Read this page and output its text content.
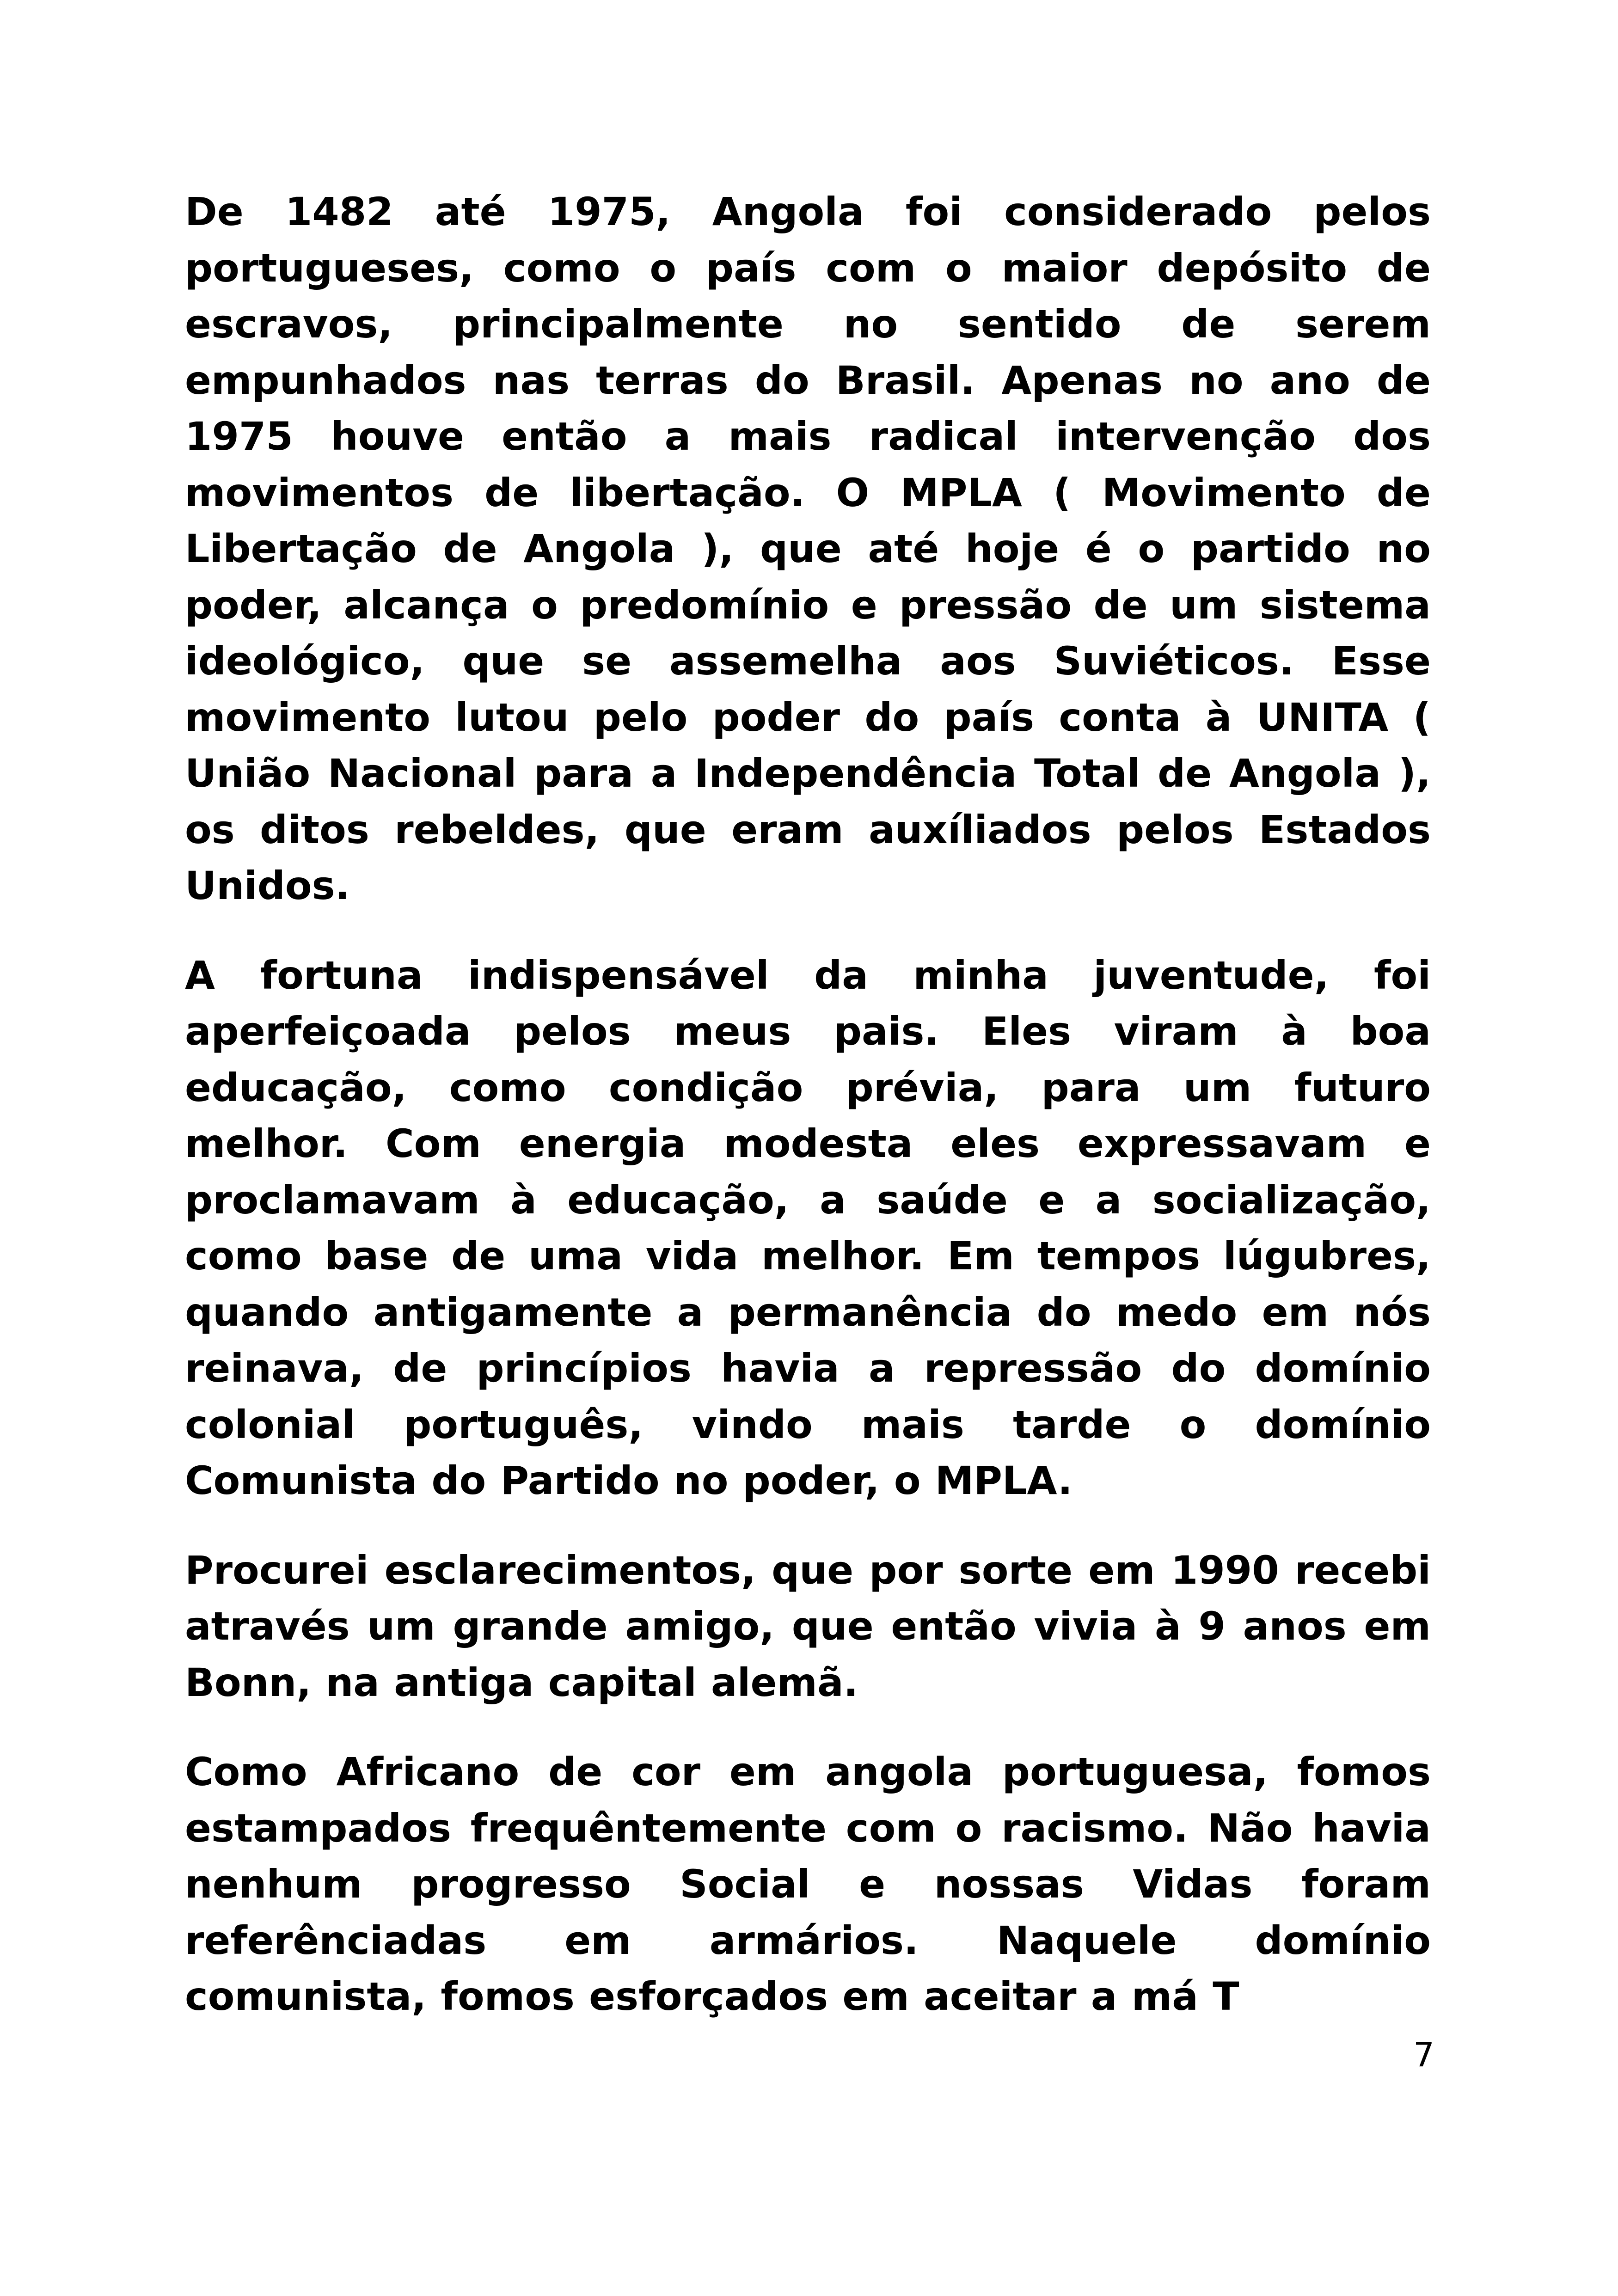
De 1482 até 1975, Angola foi considerado pelos portugueses, como o país com o maior depósito de escravos, principalmente no sentido de serem empunhados nas terras do Brasil. Apenas no ano de 1975 houve então a mais radical intervenção dos movimentos de libertação. O MPLA ( Movimento de Libertação de Angola ), que até hoje é o partido no poder, alcança o predomínio e pressão de um sistema ideológico, que se assemelha aos Suviéticos. Esse movimento lutou pelo poder do país conta à UNITA ( União Nacional para a Independência Total de Angola ), os ditos rebeldes, que eram auxíliados pelos Estados Unidos.

A fortuna indispensável da minha juventude, foi aperfeiçoada pelos meus pais. Eles viram à boa educação, como condição prévia, para um futuro melhor. Com energia modesta eles expressavam e proclamavam à educação, a saúde e a socialização, como base de uma vida melhor. Em tempos lúgubres, quando antigamente a permanência do medo em nós reinava, de princípios havia a repressão do domínio colonial português, vindo mais tarde o domínio Comunista do Partido no poder, o MPLA.

Procurei esclarecimentos, que por sorte em 1990 recebi através um grande amigo, que então vivia à 9 anos em Bonn, na antiga capital alemã.

Como Africano de cor em angola portuguesa, fomos estampados frequêntemente com o racismo. Não havia nenhum progresso Social e nossas Vidas foram referênciadas em armários. Naquele domínio comunista, fomos esforçados em aceitar a má T

7
